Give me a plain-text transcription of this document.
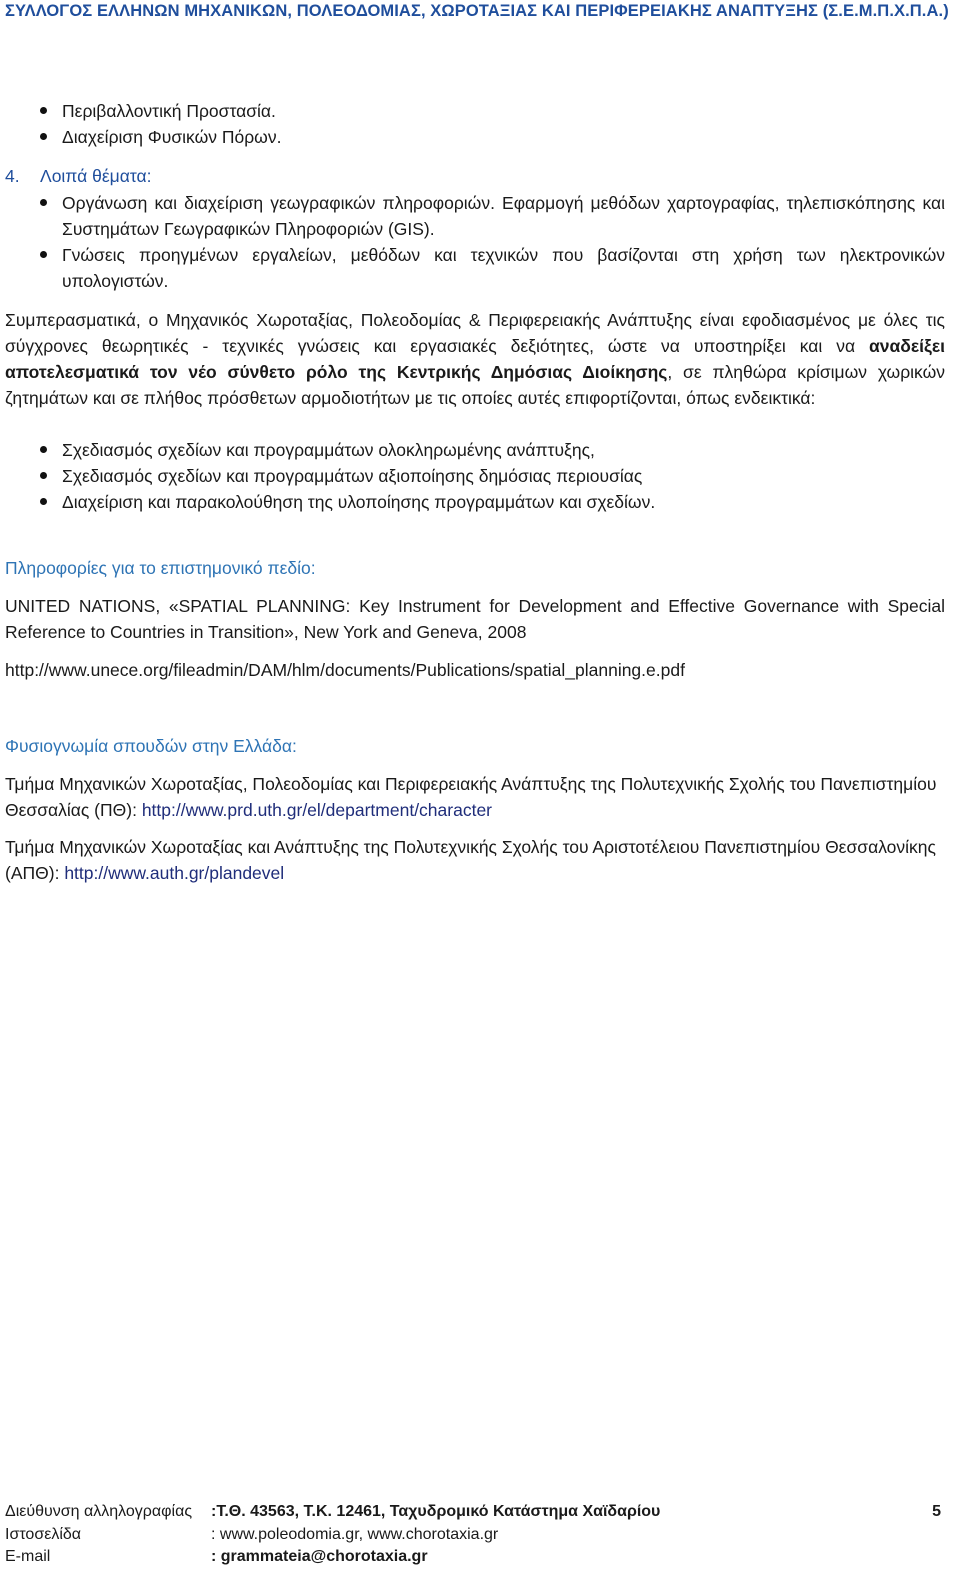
ΣΥΛΛΟΓΟΣ ΕΛΛΗΝΩΝ ΜΗΧΑΝΙΚΩΝ, ΠΟΛΕΟΔΟΜΙΑΣ, ΧΩΡΟΤΑΞΙΑΣ ΚΑΙ ΠΕΡΙΦΕΡΕΙΑΚΗΣ ΑΝΑΠΤΥΞΗΣ (Σ.Ε.Μ.Π.Χ.Π.Α.)
Περιβαλλοντική Προστασία.
Διαχείριση Φυσικών Πόρων.
4. Λοιπά θέματα:
Οργάνωση και διαχείριση γεωγραφικών πληροφοριών. Εφαρμογή μεθόδων χαρτογραφίας, τηλεπισκόπησης και Συστημάτων Γεωγραφικών Πληροφοριών (GIS).
Γνώσεις προηγμένων εργαλείων, μεθόδων και τεχνικών που βασίζονται στη χρήση των ηλεκτρονικών υπολογιστών.
Συμπερασματικά, ο Μηχανικός Χωροταξίας, Πολεοδομίας & Περιφερειακής Ανάπτυξης είναι εφοδιασμένος με όλες τις σύγχρονες θεωρητικές - τεχνικές γνώσεις και εργασιακές δεξιότητες, ώστε να υποστηρίξει και να αναδείξει αποτελεσματικά τον νέο σύνθετο ρόλο της Κεντρικής Δημόσιας Διοίκησης, σε πληθώρα κρίσιμων χωρικών ζητημάτων και σε πλήθος πρόσθετων αρμοδιοτήτων με τις οποίες αυτές επιφορτίζονται, όπως ενδεικτικά:
Σχεδιασμός σχεδίων και προγραμμάτων ολοκληρωμένης ανάπτυξης,
Σχεδιασμός σχεδίων και προγραμμάτων αξιοποίησης δημόσιας περιουσίας
Διαχείριση και παρακολούθηση της υλοποίησης προγραμμάτων και σχεδίων.
Πληροφορίες για το επιστημονικό πεδίο:
UNITED NATIONS, «SPATIAL PLANNING: Key Instrument for Development and Effective Governance with Special Reference to Countries in Transition», New York and Geneva, 2008
http://www.unece.org/fileadmin/DAM/hlm/documents/Publications/spatial_planning.e.pdf
Φυσιογνωμία σπουδών στην Ελλάδα:
Τμήμα Μηχανικών Χωροταξίας, Πολεοδομίας και Περιφερειακής Ανάπτυξης της Πολυτεχνικής Σχολής του Πανεπιστημίου Θεσσαλίας (ΠΘ): http://www.prd.uth.gr/el/department/character
Τμήμα Μηχανικών Χωροταξίας και Ανάπτυξης της Πολυτεχνικής Σχολής του Αριστοτέλειου Πανεπιστημίου Θεσσαλονίκης (ΑΠΘ): http://www.auth.gr/plandevel
Διεύθυνση αλληλογραφίας :Τ.Θ. 43563, Τ.Κ. 12461, Ταχυδρομικό Κατάστημα Χαϊδαρίου	5
Ιστοσελίδα	: www.poleodomia.gr, www.chorotaxia.gr
E-mail	: grammateia@chorotaxia.gr
